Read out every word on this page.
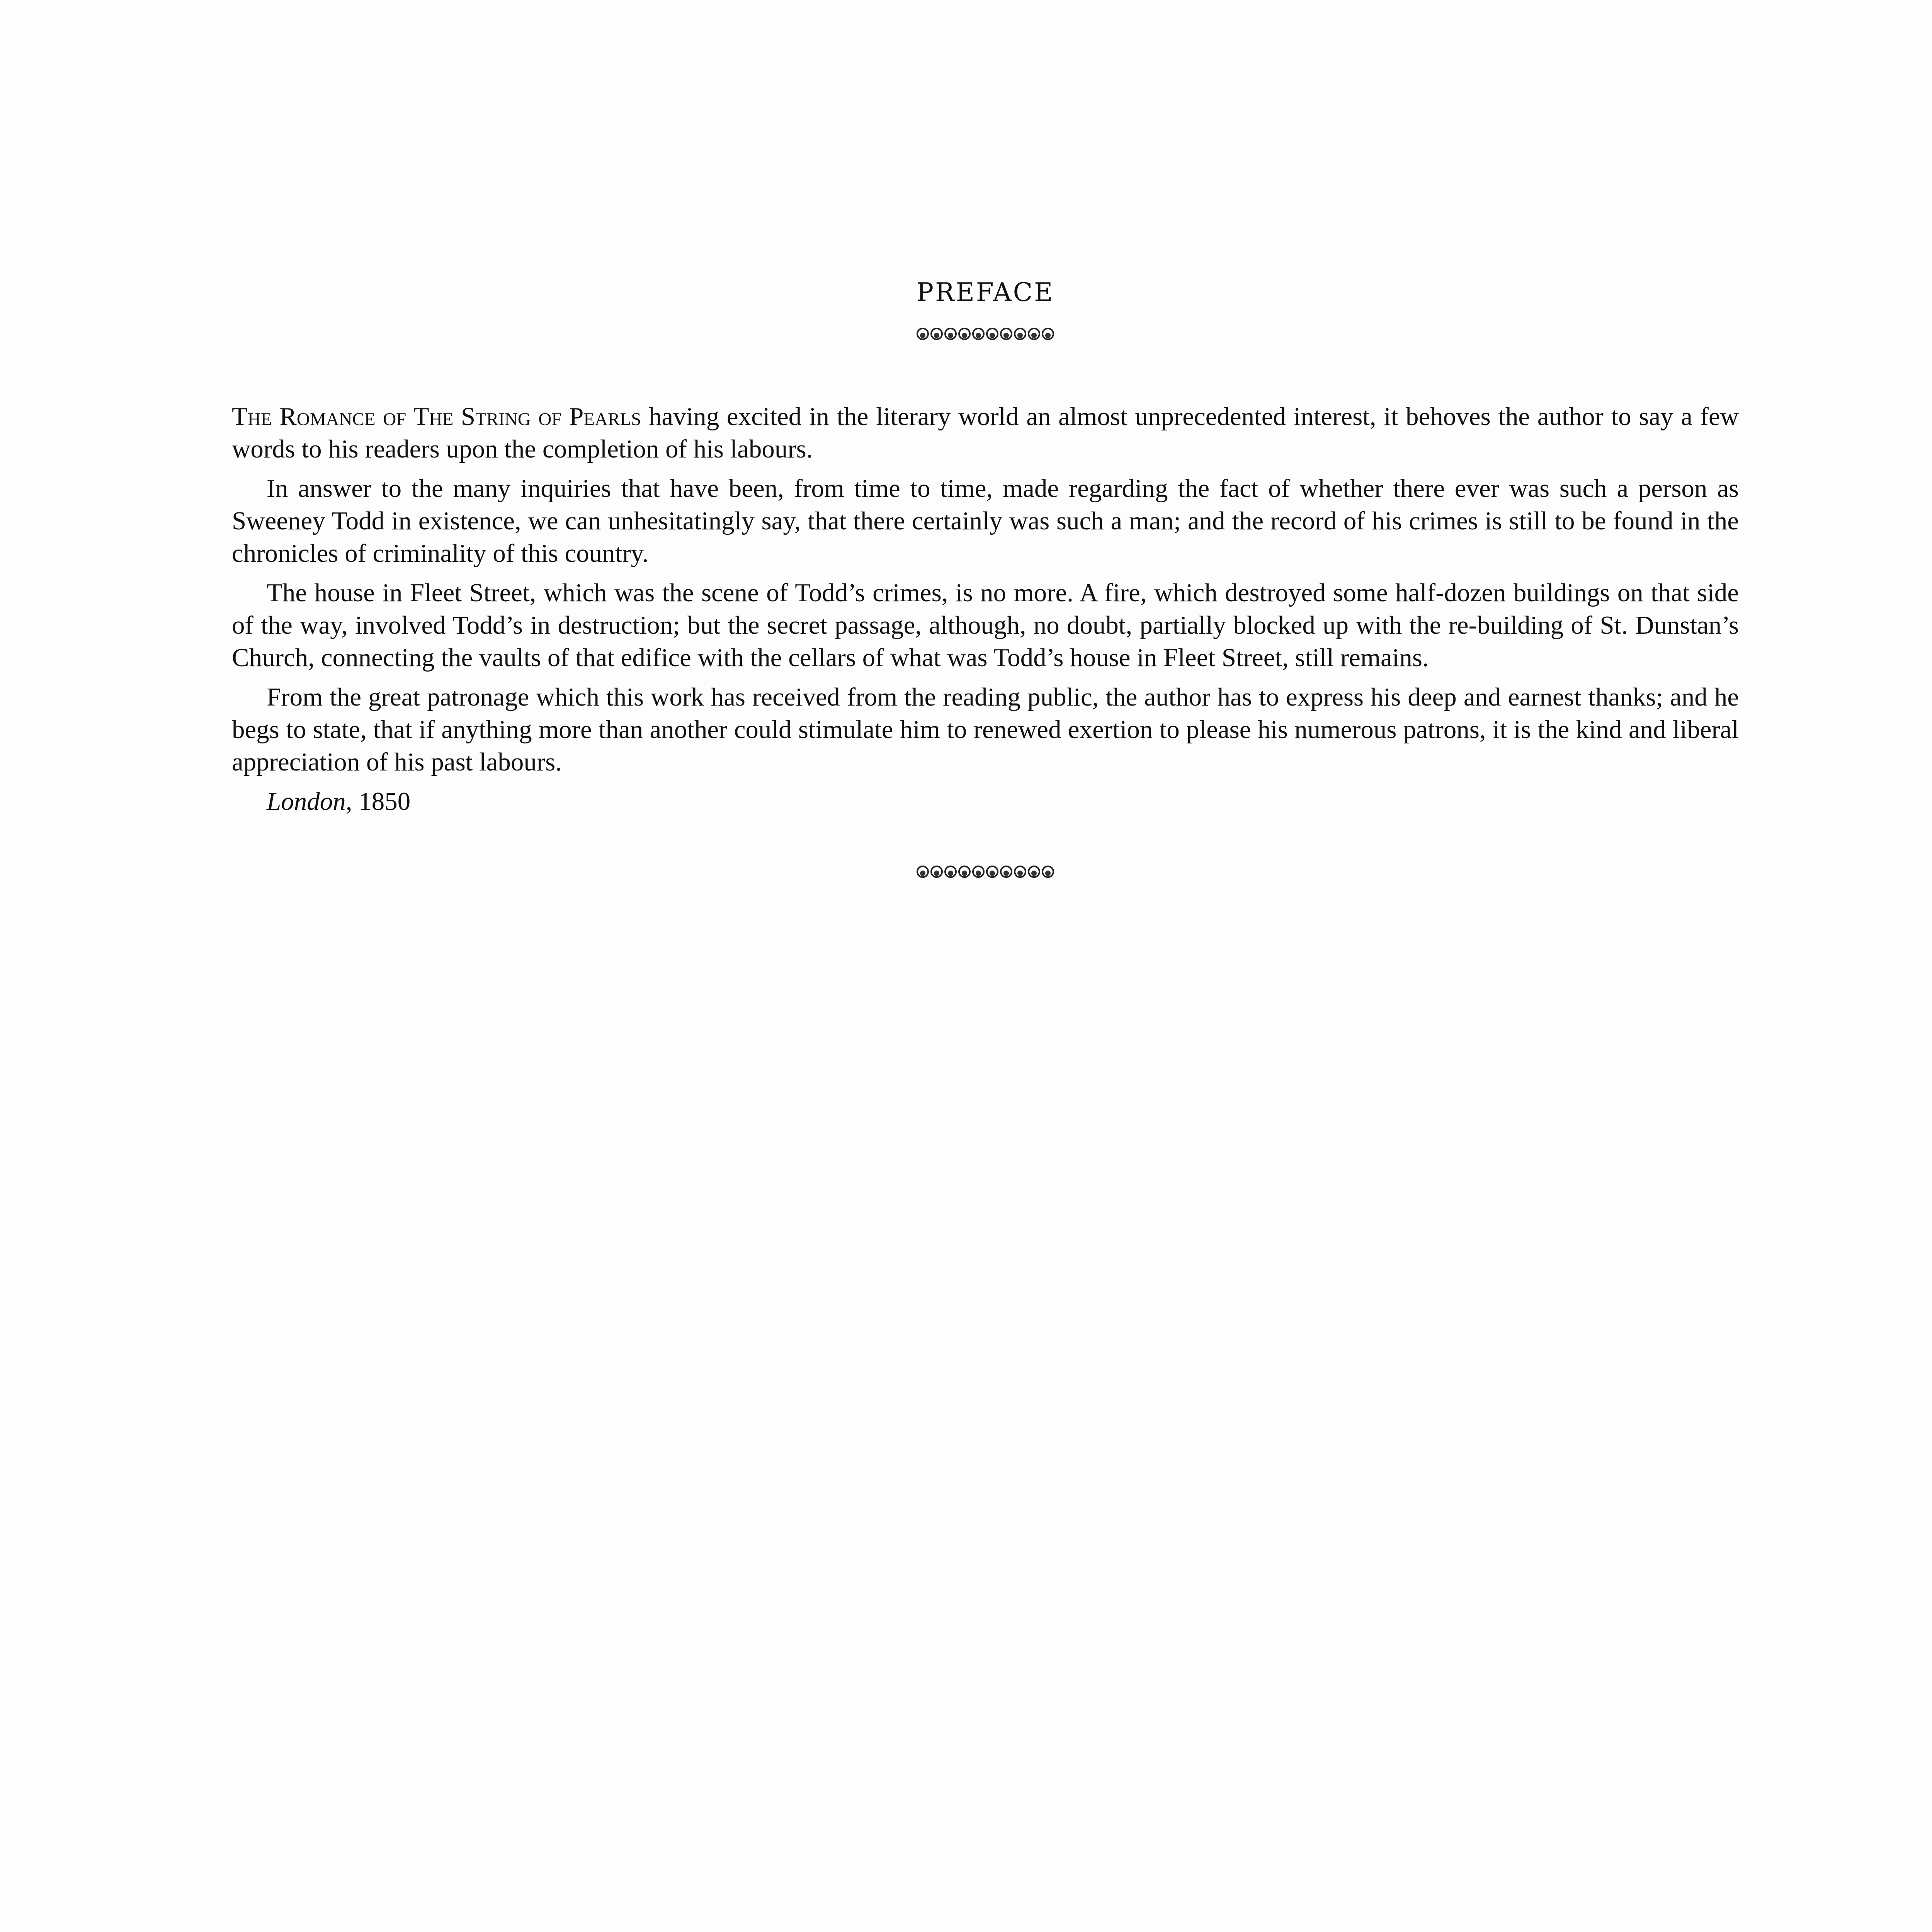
PREFACE

The Romance of The String of Pearls having excited in the literary world an almost unprecedented interest, it behoves the author to say a few words to his readers upon the completion of his labours.

In answer to the many inquiries that have been, from time to time, made regarding the fact of whether there ever was such a person as Sweeney Todd in existence, we can unhesitatingly say, that there certainly was such a man; and the record of his crimes is still to be found in the chronicles of criminality of this country.

The house in Fleet Street, which was the scene of Todd’s crimes, is no more. A fire, which destroyed some half-dozen buildings on that side of the way, involved Todd’s in destruction; but the secret passage, although, no doubt, partially blocked up with the re-building of St. Dunstan’s Church, connecting the vaults of that edifice with the cellars of what was Todd’s house in Fleet Street, still remains.

From the great patronage which this work has received from the reading public, the author has to express his deep and earnest thanks; and he begs to state, that if anything more than another could stimulate him to renewed exertion to please his numerous patrons, it is the kind and liberal appreciation of his past labours.

London, 1850
